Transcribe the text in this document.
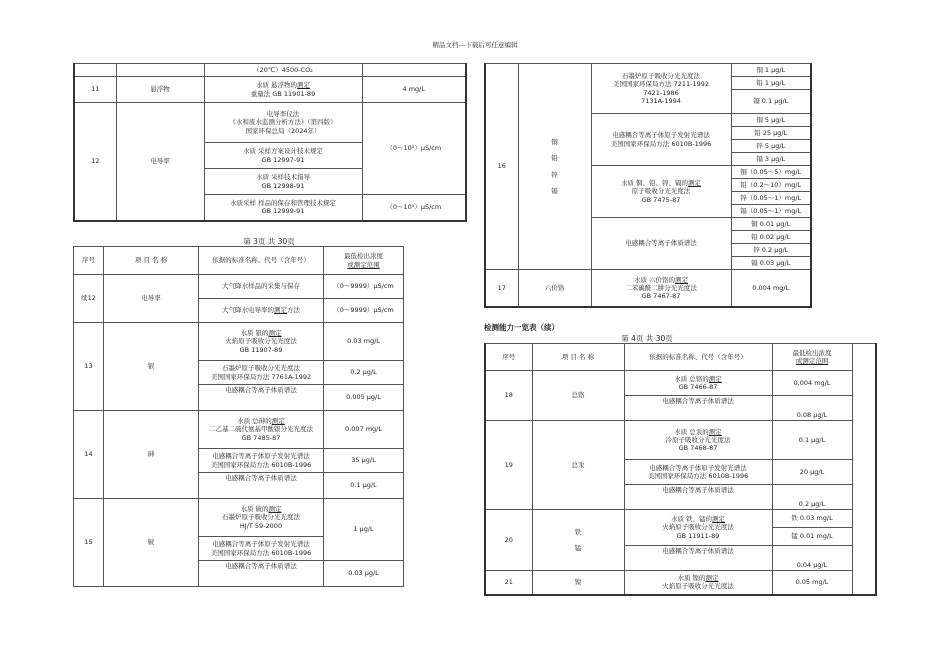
精品文档---下载后可任意编辑
		（20℃）4500-CO₂	
11	悬浮物	水质 悬浮物的测定
重量法 GB 11901-89	4 mg/L
12	电导率	电导率仪法
《水和废水监测分析方法》（第四版）
国家环保总局（2024年）	（0～10⁵）μS/cm
		水质 采样方案设计技术规定
GB 12997-91	
		水质 采样技术指导
GB 12998-91	
		水质采样 样品的保存和管理技术规定
GB 12999-91	（0～10⁵）μS/cm
第 3页 共 30页
序号	项 目 名 称	依据的标准名称、代号（含年号）	最低检出浓度
或测定范围
续12	电导率	大气降水样品的采集与保存	（0～9999）μS/cm
		大气降水电导率的测定方法	（0～9999）μS/cm
13	银	水质 银的测定
火焰原子吸收分光光度法
GB 11907-89	0.03 mg/L
		石墨炉原子吸收分光光度法
美国国家环保局方法 7761A-1992	0.2 μg/L
		电感耦合等离子体质谱法	0.005 μg/L
14	砷	水质 总砷的测定
二乙基二硫代氨基甲酸银分光光度法
GB 7485-87	0.007 mg/L
		电感耦合等离子体原子发射光谱法
美国国家环保局方法 6010B-1996	35 μg/L
		电感耦合等离子体质谱法	0.1 μg/L
15	铍	水质 铍的测定
石墨炉原子吸收分光光度法
HJ/T 59-2000	1 μg/L
		电感耦合等离子体原子发射光谱法
美国国家环保局方法 6010B-1996	
		电感耦合等离子体质谱法	0.03 μg/L
16	铜

铅

锌

镉	石墨炉原子吸收分光光度法
美国国家环保局方法 7211-1992
7421-1986
7131A-1994	铜 1 μg/L
			铅 1 μg/L
			镉 0.1 μg/L
		电感耦合等离子体原子发射光谱法
美国国家环保局方法 6010B-1996	铜 5 μg/L
			铅 25 μg/L
			锌 5 μg/L
			镉 3 μg/L
		水质 铜、铅、锌、镉的测定
原子吸收分光光度法
GB 7475-87	铜（0.05～5）mg/L
			铅（0.2～10）mg/L
			锌（0.05～1）mg/L
			镉（0.05～1）mg/L
		电感耦合等离子体质谱法	铜 0.01 μg/L
			铅 0.02 μg/L
			锌 0.2 μg/L
			镉 0.03 μg/L
17	六价铬	水质 六价铬的测定
二苯碳酰二肼分光光度法
GB 7467-87	0.004 mg/L
检测能力一览表（续）
第 4页 共 30页
序号	项 目 名 称	依据的标准名称、代号（含年号）	最低检出浓度
或测定范围	
18	总铬	水质 总铬的测定
GB 7466-87	0.004 mg/L	
		电感耦合等离子体质谱法	0.08 μg/L	
19	总汞	水质 总汞的测定
冷原子吸收分光光度法
GB 7468-87	0.1 μg/L	
		电感耦合等离子体原子发射光谱法
美国国家环保局方法 6010B-1996	20 μg/L	
		电感耦合等离子体质谱法	0.2 μg/L	
20	铁

锰	水质 铁、锰的测定
火焰原子吸收分光光度法
GB 11911-89	铁 0.03 mg/L	
			锰 0.01 mg/L	
		电感耦合等离子体质谱法	0.04 μg/L	
21	镍	水质 镍的测定
火焰原子吸收分光光度法	0.05 mg/L	
